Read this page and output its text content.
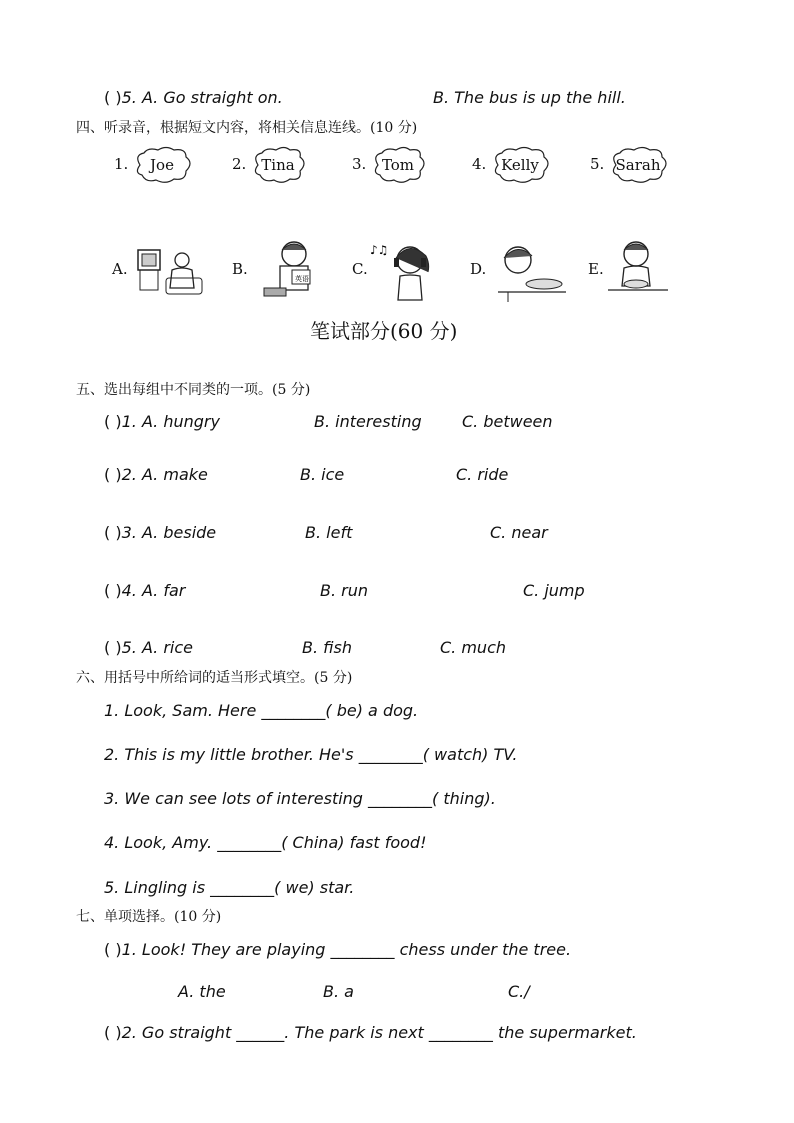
( )5. A. Go straight on.	B. The bus is up the hill.
四、听录音，根据短文内容，将相关信息连线。(10 分)
1.	Joe	2. Tina	3.	Tom	4. Kelly	5. Sarah
A.	B.
英语
C.
♪♫
D.	E.
笔试部分(60 分)
五、选出每组中不同类的一项。(5 分)
( )1. A. hungry	B. interesting	C. between
( )2. A. make	B. ice	C. ride
( )3. A. beside	B. left	C. near
( )4. A. far	B. run	C. jump
( )5. A. rice	B. fish	C. much
六、用括号中所给词的适当形式填空。(5 分)
1. Look, Sam. Here ________( be) a dog.
2. This is my little brother. He's ________( watch) TV.
3. We can see lots of interesting ________( thing).
4. Look, Amy. ________( China) fast food!
5. Lingling is ________( we) star.
七、单项选择。(10 分)
( )1. Look! They are playing ________ chess under the tree.
A. the	B. a	C./
( )2. Go straight ______. The park is next ________ the supermarket.
